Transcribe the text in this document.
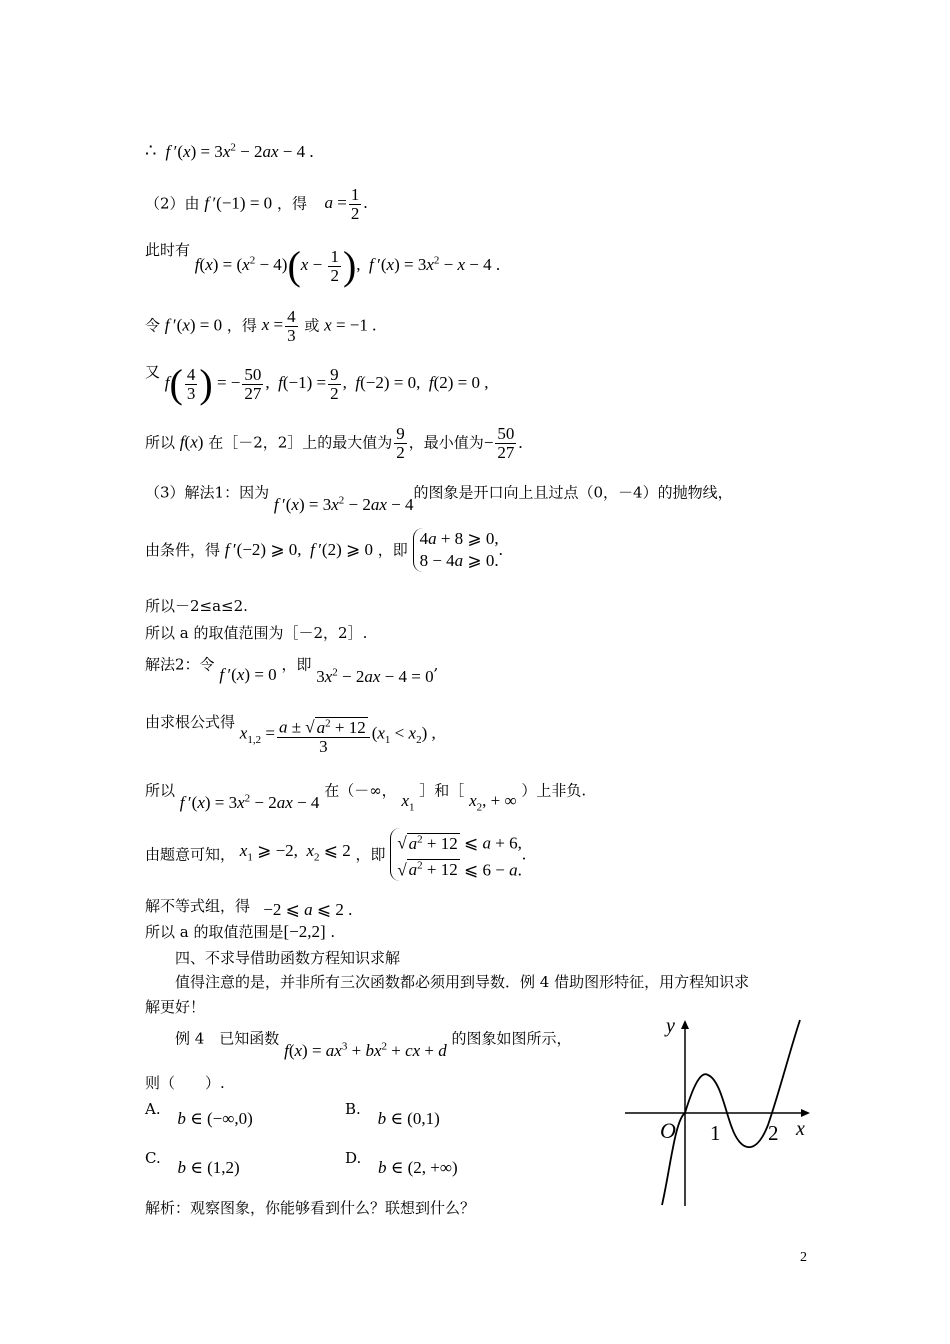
∴ f $'(x) = 3x^2 - 2ax - 4$ .
（2）由 f ′(−1) = 0 ，得 $a = \frac{1}{2}$ .
此时有 $f(x) = (x^2 - 4)(x - \frac{1}{2}$ ),  f $'(x) = 3x^2 - x - 4$ .
令 f ′(x) = 0 ，得 $x = \frac{4}{3}$ 或 x = −1 .
又 $f( \frac{4}{3}$ ) = − $\frac{50}{27}$ ,  $f(-1) = \frac{9}{2}$ ,  f(−2) = 0,  f(2) = 0 ,
所以 f(x) 在［－2，2］上的最大值为 $\frac{9}{2}$ ，最小值为− $\frac{50}{27}$ .
（3）解法1：因为 f $'(x) = 3x^2 - 2ax - 4$的图象是开口向上且过点（0，－4）的抛物线，
由条件，得 f ′(−2) ⩾ 0,  f ′(2) ⩾ 0 ，即
4a + 8 ⩾ 0,
8 − 4a ⩾ 0.
.
所以－2≤a≤2.
所以 a 的取值范围为［－2，2］.
解法2：令 f ′(x) = 0 ，即 $3x^2 - 2ax - 4 = 0$,
由求根公式得 $x_{1,2} = \frac{a \pm √ a^2 + 12}{3} (x_1 < x_2)$ ,
所以 f $'(x) = 3x^2 - 2ax - 4$ 在（－∞， $x_1$ ］和［ $x_2$, + ∞ ）上非负.
由题意可知， $x_1$ ⩾ −2,  $x_2$ ⩽ 2 ，即
√ $a^2 + 12$ ⩽ a + 6,
√ $a^2 + 12$ ⩽ 6 − a.
.
解不等式组，得   −2 ⩽ a ⩽ 2 .
所以 a 的取值范围是[−2,2] .
四、不求导借助函数方程知识求解
值得注意的是，并非所有三次函数都必须用到导数．例 4 借助图形特征，用方程知识求
解更好！
例 4　已知函数 $f(x) = ax^3 + bx^2$ + cx + d 的图象如图所示，
则（　　）.
A. b ∈ (−∞,0)	B. b ∈ (0,1)
C. b ∈ (1,2)	D. b ∈ (2, +∞)
解析：观察图象，你能够看到什么？联想到什么？
y
x
O 1 2
2
